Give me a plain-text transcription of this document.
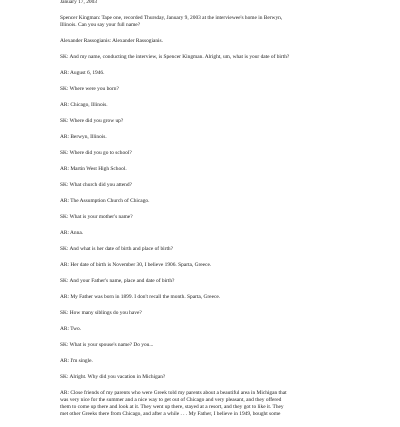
January 17, 2003
Spencer Kingman: Tape one, recorded Thursday, January 9, 2003 at the interviewee's home in Berwyn,
Illinois. Can you say your full name?
Alexander Rassogianis: Alexander Rassogianis.
SK: And my name, conducting the interview, is Spencer Kingman. Alright, um, what is your date of birth?
AR: August 6, 1946.
SK: Where were you born?
AR: Chicago, Illinois.
SK: Where did you grow up?
AR: Berwyn, Illinois.
SK: Where did you go to school?
AR: Martin West High School.
SK: What church did you attend?
AR: The Assumption Church of Chicago.
SK: What is your mother's name?
AR: Anna.
SK: And what is her date of birth and place of birth?
AR: Her date of birth is November 30, I believe 1906. Sparta, Greece.
SK: And your Father's name, place and date of birth?
AR: My Father was born in 1899. I don't recall the month. Sparta, Greece.
SK: How many siblings do you have?
AR: Two.
SK: What is your spouse's name? Do you...
AR: I'm single.
SK: Alright. Why did you vacation in Michigan?
AR: Close friends of my parents who were Greek told my parents about a beautiful area in Michigan that
was very nice for the summer and a nice way to get out of Chicago and very pleasant, and they offered
them to come up there and look at it. They went up there, stayed at a resort, and they got to like it. They
met other Greeks there from Chicago, and after a while . . . My Father, I believe in 1949, bought some
